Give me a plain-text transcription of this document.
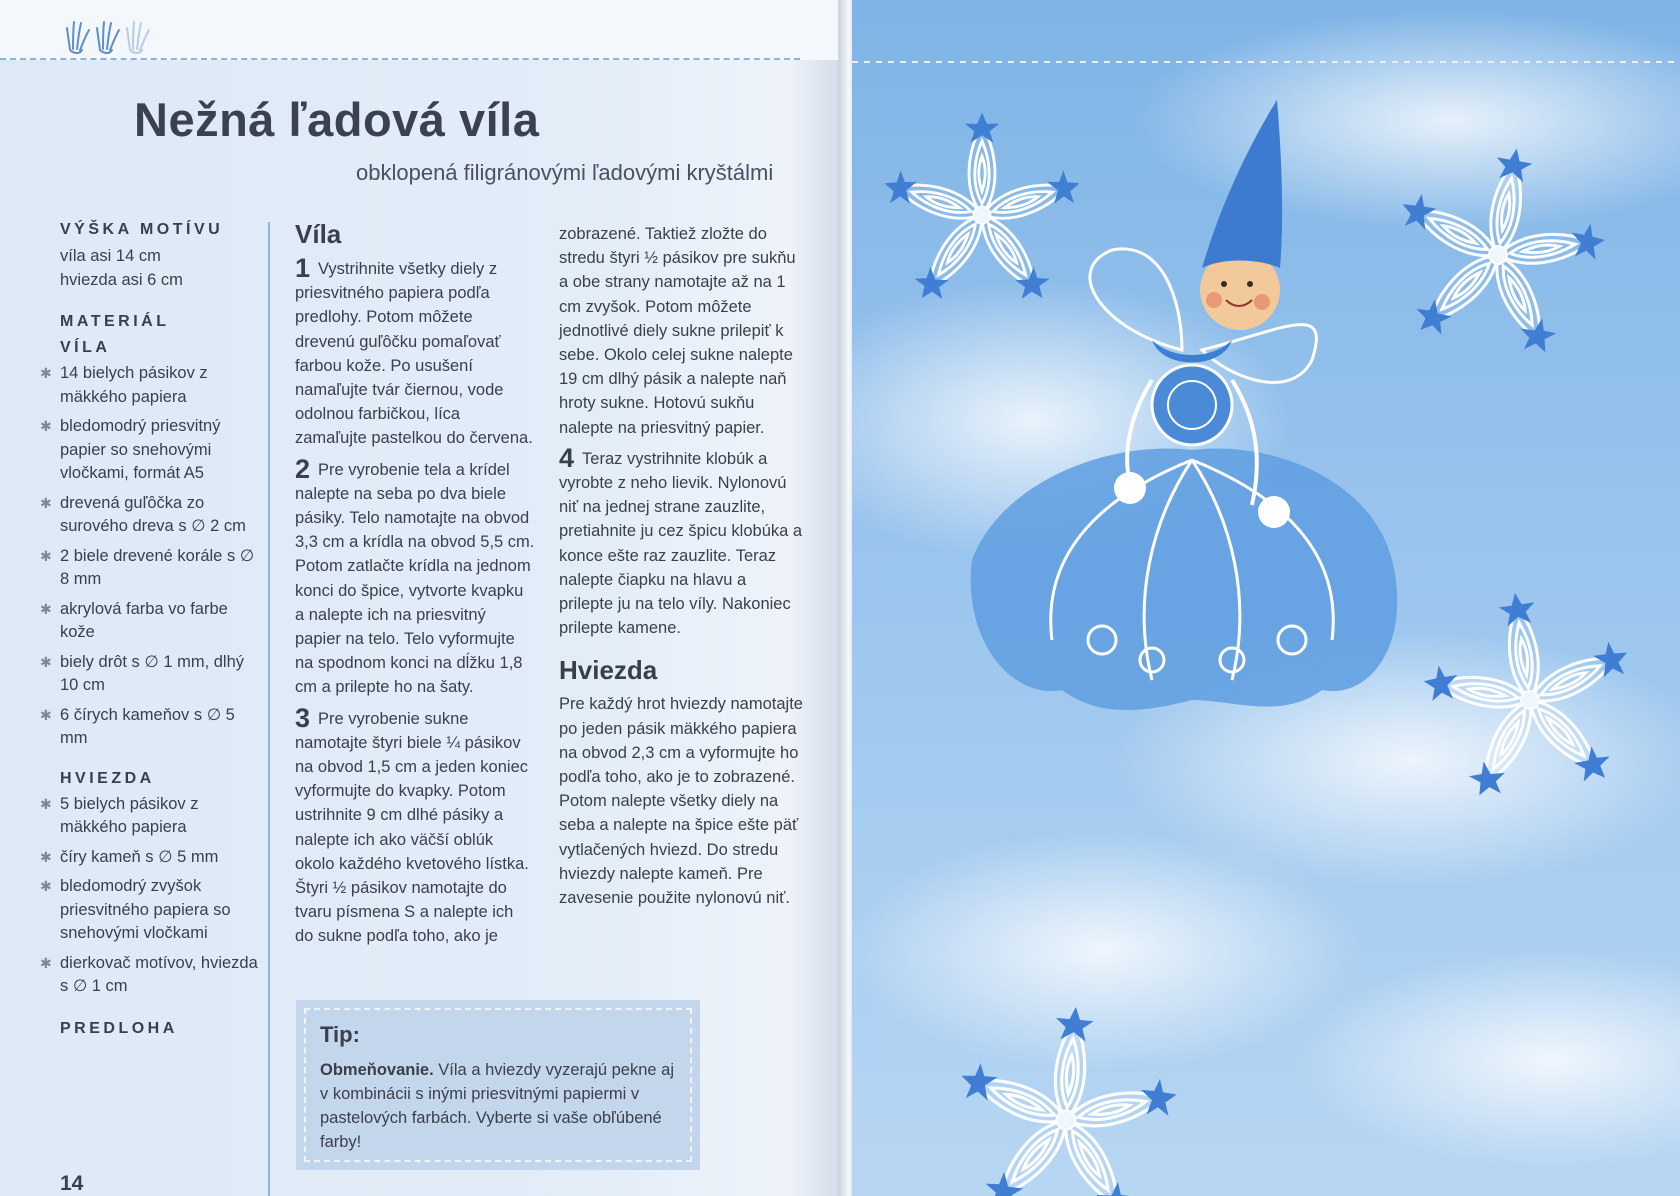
Nežná ľadová víla
obklopená filigránovými ľadovými kryštálmi
VÝŠKA MOTÍVU
víla asi 14 cm
hviezda asi 6 cm
MATERIÁL
VÍLA
✱ 14 bielych pásikov z mäkkého papiera
✱ bledomodrý priesvitný papier so snehovými vločkami, formát A5
✱ drevená guľôčka zo surového dreva s ∅ 2 cm
✱ 2 biele drevené korále s ∅ 8 mm
✱ akrylová farba vo farbe kože
✱ biely drôt s ∅ 1 mm, dlhý 10 cm
✱ 6 čírych kameňov s ∅ 5 mm
HVIEZDA
✱ 5 bielych pásikov z mäkkého papiera
✱ číry kameň s ∅ 5 mm
✱ bledomodrý zvyšok priesvitného papiera so snehovými vločkami
✱ dierkovač motívov, hviezda s ∅ 1 cm
PREDLOHA
Víla

1 Vystrihnite všetky diely z priesvitného papiera podľa predlohy. Potom môžete drevenú guľôčku pomaľovať farbou kože. Po usušení namaľujte tvár čiernou, vode odolnou farbičkou, líca zamaľujte pastelkou do červena.

2 Pre vyrobenie tela a krídel nalepte na seba po dva biele pásiky. Telo namotajte na obvod 3,3 cm a krídla na obvod 5,5 cm. Potom zatlačte krídla na jednom konci do špice, vytvorte kvapku a nalepte ich na priesvitný papier na telo. Telo vyformujte na spodnom konci na dĺžku 1,8 cm a prilepte ho na šaty.

3 Pre vyrobenie sukne namotajte štyri biele ¼ pásikov na obvod 1,5 cm a jeden koniec vyformujte do kvapky. Potom ustrihnite 9 cm dlhé pásiky a nalepte ich ako väčší oblúk okolo každého kvetového lístka. Štyri ½ pásikov namotajte do tvaru písmena S a nalepte ich do sukne podľa toho, ako je

zobrazené. Taktiež zložte do stredu štyri ½ pásikov pre sukňu a obe strany namotajte až na 1 cm zvyšok. Potom môžete jednotlivé diely sukne prilepiť k sebe. Okolo celej sukne nalepte 19 cm dlhý pásik a nalepte naň hroty sukne. Hotovú sukňu nalepte na priesvitný papier.

4 Teraz vystrihnite klobúk a vyrobte z neho lievik. Nylonovú niť na jednej strane zauzlite, pretiahnite ju cez špicu klobúka a konce ešte raz zauzlite. Teraz nalepte čiapku na hlavu a prilepte ju na telo víly. Nakoniec prilepte kamene.

Hviezda

Pre každý hrot hviezdy namotajte po jeden pásik mäkkého papiera na obvod 2,3 cm a vyformujte ho podľa toho, ako je to zobrazené. Potom nalepte všetky diely na seba a nalepte na špice ešte päť vytlačených hviezd. Do stredu hviezdy nalepte kameň. Pre zavesenie použite nylonovú niť.

Tip:
Obmeňovanie. Víla a hviezdy vyzerajú pekne aj v kombinácii s inými priesvitnými papiermi v pastelových farbách. Vyberte si vaše obľúbené farby!
14
